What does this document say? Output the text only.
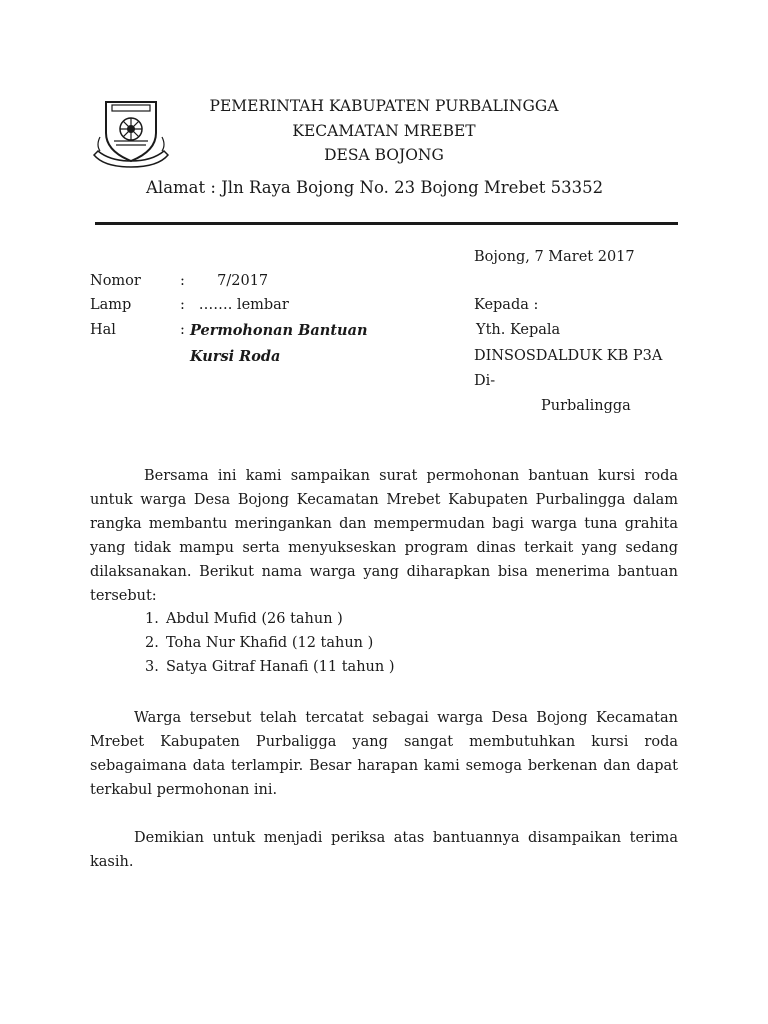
PEMERINTAH KABUPATEN PURBALINGGA
KECAMATAN MREBET
DESA BOJONG
Alamat : Jln Raya Bojong No. 23 Bojong Mrebet 53352
Bojong, 7 Maret 2017
Nomor	:       7/2017
Lamp	:   ……. lembar
Hal	: Permohonan Bantuan
Kursi Roda
Kepada :
Yth. Kepala
DINSOSDALDUK KB P3A
Di-
Purbalingga
Bersama ini kami sampaikan surat permohonan bantuan kursi roda untuk warga Desa Bojong Kecamatan Mrebet Kabupaten Purbalingga dalam rangka membantu meringankan dan mempermudan bagi warga tuna grahita yang tidak mampu serta menyukseskan program dinas terkait yang sedang dilaksanakan. Berikut nama warga yang diharapkan bisa menerima bantuan tersebut:
1. Abdul Mufid (26 tahun )
2. Toha Nur Khafid (12 tahun )
3. Satya Gitraf Hanafi (11 tahun )
Warga tersebut telah tercatat sebagai warga Desa Bojong Kecamatan Mrebet Kabupaten Purbaligga yang sangat membutuhkan kursi roda sebagaimana data terlampir. Besar harapan kami semoga berkenan dan dapat terkabul permohonan ini.
Demikian untuk menjadi periksa atas bantuannya disampaikan terima kasih.
